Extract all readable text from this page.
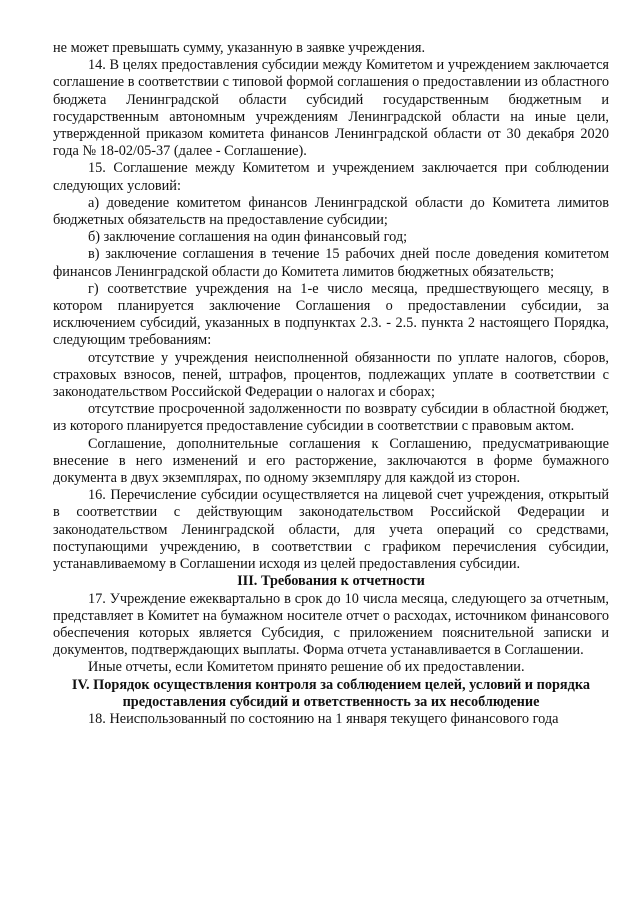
не может превышать сумму, указанную в заявке учреждения.

14. В целях предоставления субсидии между Комитетом и учреждением заключается соглашение в соответствии с типовой формой соглашения о предоставлении из областного бюджета Ленинградской области субсидий государственным бюджетным и государственным автономным учреждениям Ленинградской области на иные цели, утвержденной приказом комитета финансов Ленинградской области от 30 декабря 2020 года № 18-02/05-37 (далее - Соглашение).

15. Соглашение между Комитетом и учреждением заключается при соблюдении следующих условий:

а) доведение комитетом финансов Ленинградской области до Комитета лимитов бюджетных обязательств на предоставление субсидии;

б) заключение соглашения на один финансовый год;

в) заключение соглашения в течение 15 рабочих дней после доведения комитетом финансов Ленинградской области до Комитета лимитов бюджетных обязательств;

г) соответствие учреждения на 1-е число месяца, предшествующего месяцу, в котором планируется заключение Соглашения о предоставлении субсидии, за исключением субсидий, указанных в подпунктах 2.3. - 2.5. пункта 2 настоящего Порядка, следующим требованиям:

отсутствие у учреждения неисполненной обязанности по уплате налогов, сборов, страховых взносов, пеней, штрафов, процентов, подлежащих уплате в соответствии с законодательством Российской Федерации о налогах и сборах;

отсутствие просроченной задолженности по возврату субсидии в областной бюджет, из которого планируется предоставление субсидии в соответствии с правовым актом.

Соглашение, дополнительные соглашения к Соглашению, предусматривающие внесение в него изменений и его расторжение, заключаются в форме бумажного документа в двух экземплярах, по одному экземпляру для каждой из сторон.

16. Перечисление субсидии осуществляется на лицевой счет учреждения, открытый в соответствии с действующим законодательством Российской Федерации и законодательством Ленинградской области, для учета операций со средствами, поступающими учреждению, в соответствии с графиком перечисления субсидии, устанавливаемому в Соглашении исходя из целей предоставления субсидии.

III. Требования к отчетности

17. Учреждение ежеквартально в срок до 10 числа месяца, следующего за отчетным, представляет в Комитет на бумажном носителе отчет о расходах, источником финансового обеспечения которых является Субсидия, с приложением пояснительной записки и документов, подтверждающих выплаты. Форма отчета устанавливается в Соглашении.

Иные отчеты, если Комитетом принято решение об их предоставлении.

IV. Порядок осуществления контроля за соблюдением целей, условий и порядка предоставления субсидий и ответственность за их несоблюдение

18. Неиспользованный по состоянию на 1 января текущего финансового года
